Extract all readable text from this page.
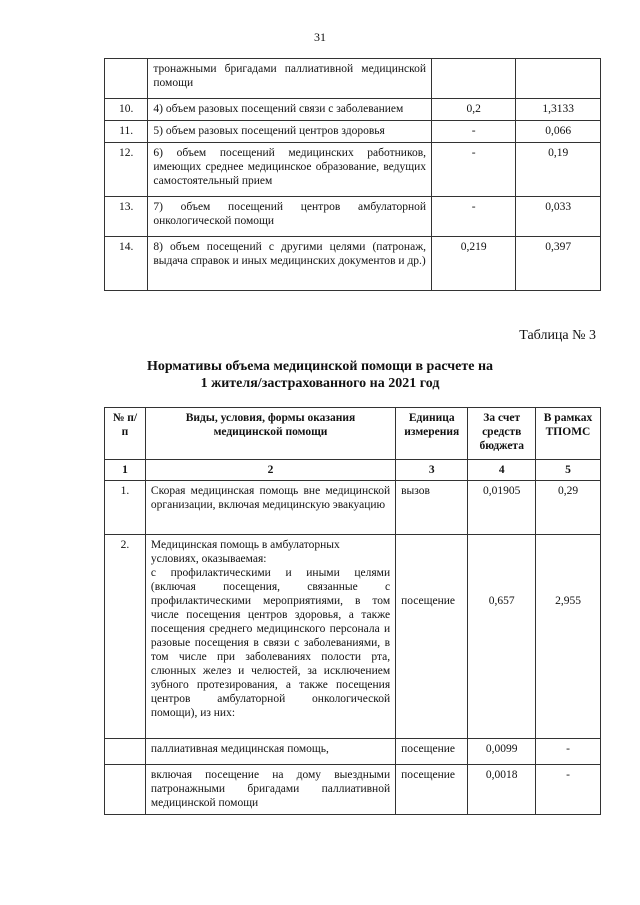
31
	тронажными бригадами паллиативной медицинской помощи		
10.	4) объем разовых посещений связи с заболеванием	0,2	1,3133
11.	5) объем разовых посещений центров здоровья	-	0,066
12.	6) объем посещений медицинских работников, имеющих среднее медицинское образование, ведущих самостоятельный прием	-	0,19
13.	7) объем посещений центров амбулаторной онкологической помощи	-	0,033
14.	8) объем посещений с другими целями (патронаж, выдача справок и иных медицинских документов и др.)	0,219	0,397
Таблица № 3
Нормативы объема медицинской помощи в расчете на
1 жителя/застрахованного на 2021 год
№ п/п	Виды, условия, формы оказания медицинской помощи	Единица измерения	За счет средств бюджета	В рамках ТПОМС
1	2	3	4	5
1.	Скорая медицинская помощь вне медицинской организации, включая медицинскую эвакуацию	вызов	0,01905	0,29
2.	Медицинская помощь в амбулаторных условиях, оказываемая:
с профилактическими и иными целями (включая посещения, связанные с профилактическими мероприятиями, в том числе посещения центров здоровья, а также посещения среднего медицинского персонала и разовые посещения в связи с заболеваниями, в том числе при заболеваниях полости рта, слюнных желез и челюстей, за исключением зубного протезирования, а также посещения центров амбулаторной онкологической помощи), из них:	посещение	0,657	2,955
	паллиативная медицинская помощь,	посещение	0,0099	-
	включая посещение на дому выездными патронажными бригадами паллиативной медицинской помощи	посещение	0,0018	-
